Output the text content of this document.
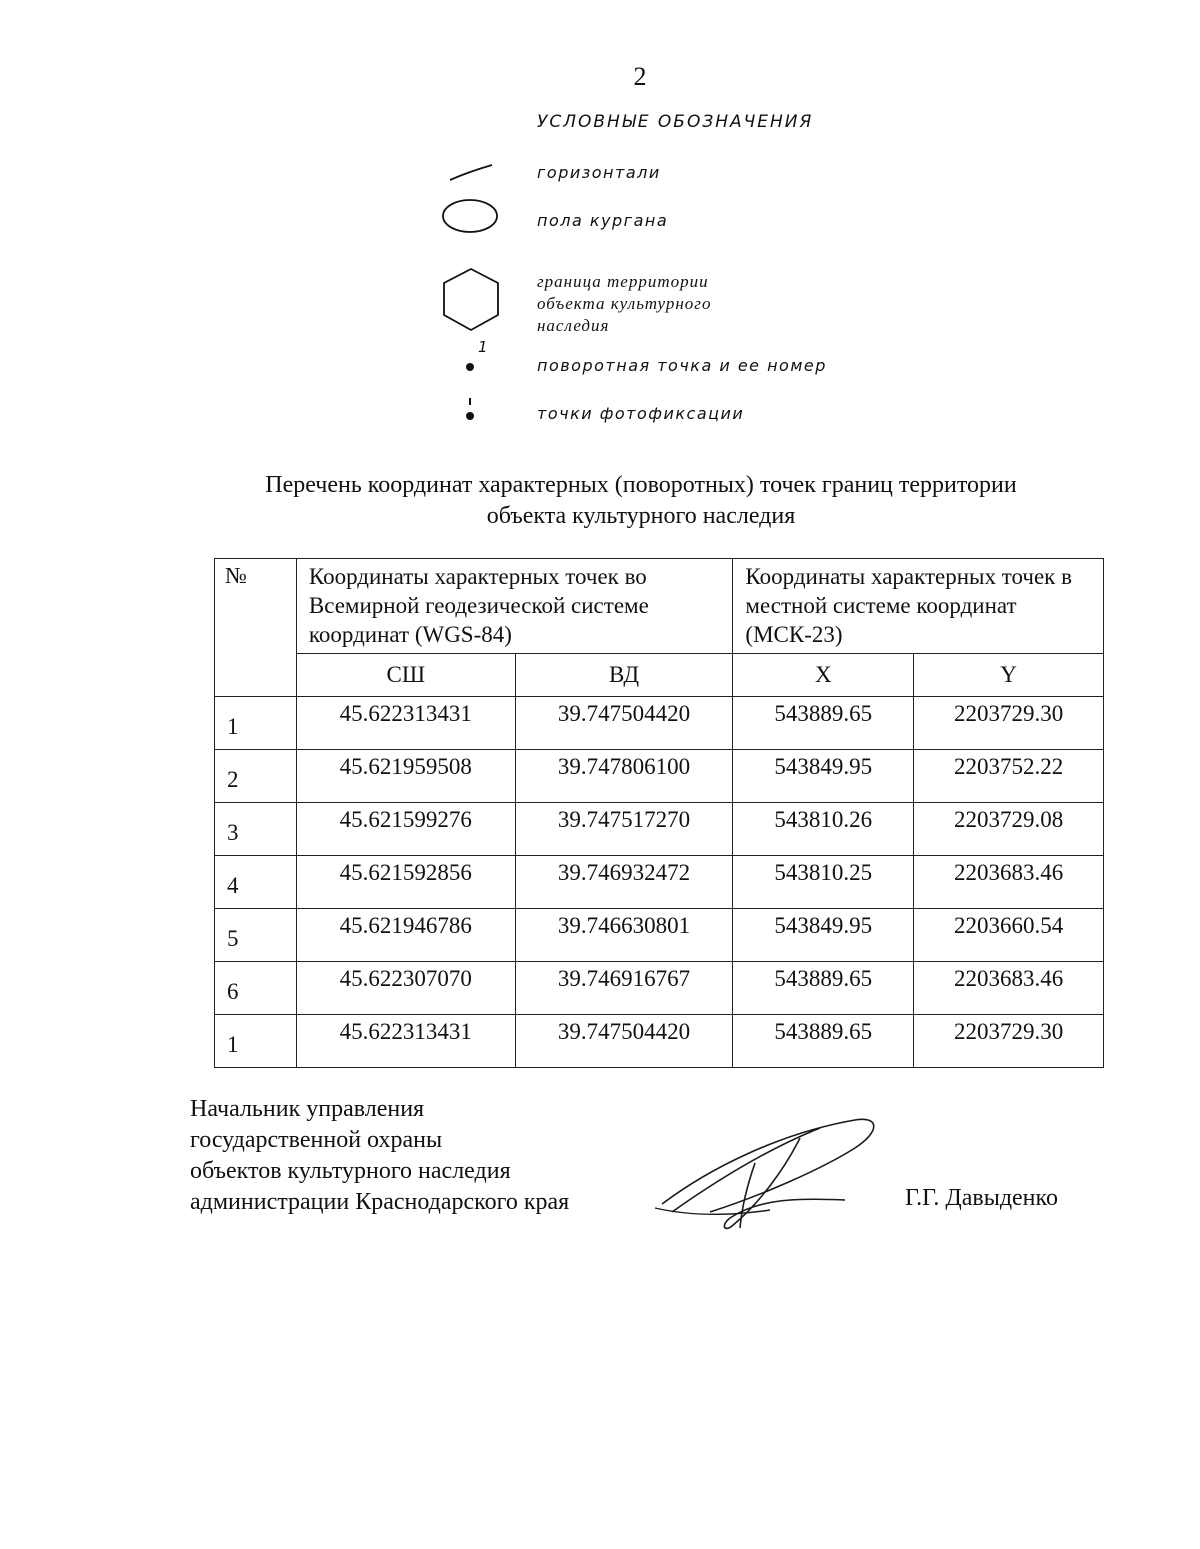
2
УСЛОВНЫЕ ОБОЗНАЧЕНИЯ
горизонтали
пола кургана
граница территории
объекта культурного
наследия
1
поворотная точка и ее номер
точки фотофиксации
Перечень координат характерных (поворотных) точек границ территории
объекта культурного наследия
№	Координаты характерных точек во Всемирной геодезической системе координат (WGS-84)		Координаты характерных точек в местной системе координат (МСК-23)	
	СШ	ВД	X	Y
1	45.622313431	39.747504420	543889.65	2203729.30
2	45.621959508	39.747806100	543849.95	2203752.22
3	45.621599276	39.747517270	543810.26	2203729.08
4	45.621592856	39.746932472	543810.25	2203683.46
5	45.621946786	39.746630801	543849.95	2203660.54
6	45.622307070	39.746916767	543889.65	2203683.46
1	45.622313431	39.747504420	543889.65	2203729.30
Начальник управления
государственной охраны
объектов культурного наследия
администрации Краснодарского края	Г.Г. Давыденко
